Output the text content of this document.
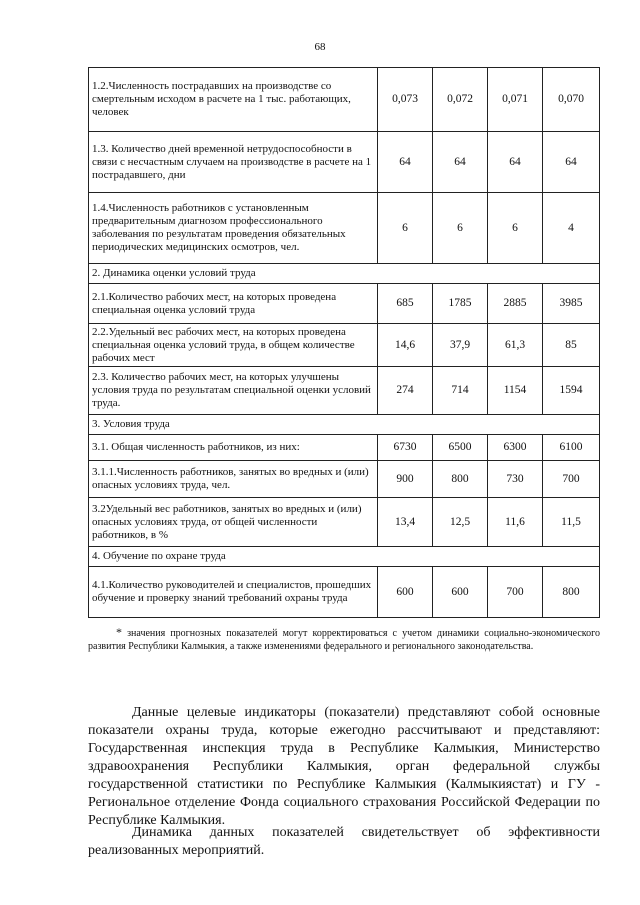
68
1.2.Численность пострадавших на производстве со смертельным исходом в расчете на 1 тыс. работающих, человек	0,073	0,072	0,071	0,070
1.3. Количество дней временной нетрудоспособности в связи с несчастным случаем на производстве в расчете на 1 пострадавшего, дни	64	64	64	64
1.4.Численность работников с установленным предварительным диагнозом профессионального заболевания по результатам проведения обязательных периодических медицинских осмотров, чел.	6	6	6	4
2. Динамика оценки условий труда				
2.1.Количество рабочих мест, на которых проведена специальная оценка условий труда	685	1785	2885	3985
2.2.Удельный вес рабочих мест, на которых проведена специальная оценка условий труда, в общем количестве рабочих мест	14,6	37,9	61,3	85
2.3. Количество рабочих мест, на которых улучшены условия труда по результатам специальной оценки условий труда.	274	714	1154	1594
3. Условия труда				
3.1. Общая численность работников, из них:	6730	6500	6300	6100
3.1.1.Численность работников, занятых во вредных и (или) опасных условиях труда, чел.	900	800	730	700
3.2Удельный вес работников, занятых во вредных и (или) опасных условиях труда, от общей численности работников, в %	13,4	12,5	11,6	11,5
4. Обучение по охране труда				
4.1.Количество руководителей и специалистов, прошедших обучение и проверку знаний требований охраны труда	600	600	700	800
* значения прогнозных показателей могут корректироваться с учетом динамики социально-экономического развития Республики Калмыкия, а также изменениями федерального и регионального законодательства.

Данные целевые индикаторы (показатели) представляют собой основные показатели охраны труда, которые ежегодно рассчитывают и представляют: Государственная инспекция труда в Республике Калмыкия, Министерство здравоохранения Республики Калмыкия, орган федеральной службы государственной статистики по Республике Калмыкия (Калмыкиястат) и ГУ - Региональное отделение Фонда социального страхования Российской Федерации по Республике Калмыкия.

Динамика данных показателей свидетельствует об эффективности реализованных мероприятий.
